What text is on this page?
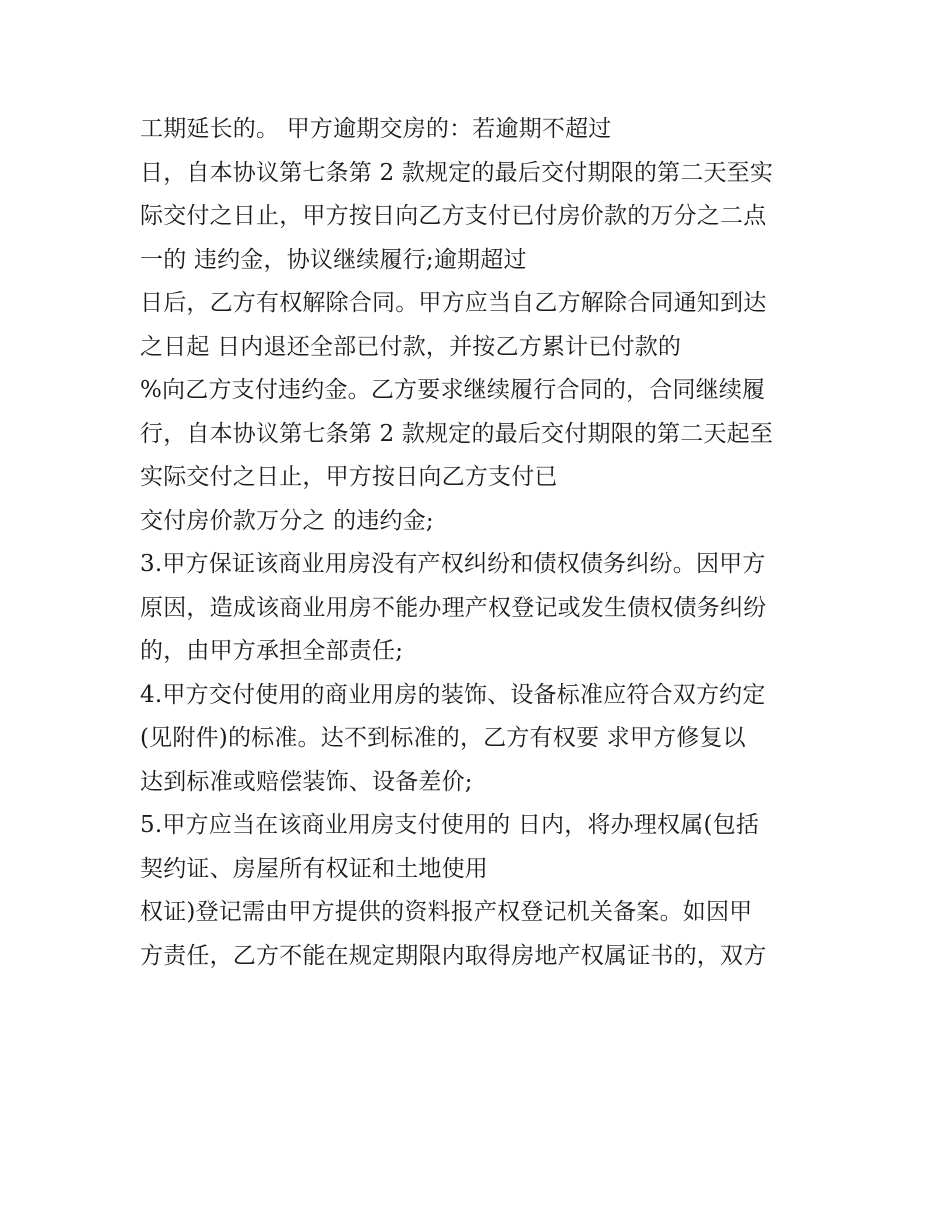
工期延长的。 甲方逾期交房的：若逾期不超过
日，自本协议第七条第 2 款规定的最后交付期限的第二天至实
际交付之日止，甲方按日向乙方支付已付房价款的万分之二点
一的 违约金，协议继续履行;逾期超过
日后，乙方有权解除合同。甲方应当自乙方解除合同通知到达
之日起 日内退还全部已付款，并按乙方累计已付款的
%向乙方支付违约金。乙方要求继续履行合同的，合同继续履
行，自本协议第七条第 2 款规定的最后交付期限的第二天起至
实际交付之日止，甲方按日向乙方支付已
交付房价款万分之 的违约金;
3.甲方保证该商业用房没有产权纠纷和债权债务纠纷。因甲方
原因，造成该商业用房不能办理产权登记或发生债权债务纠纷
的，由甲方承担全部责任;
4.甲方交付使用的商业用房的装饰、设备标准应符合双方约定
(见附件)的标准。达不到标准的，乙方有权要 求甲方修复以
达到标准或赔偿装饰、设备差价;
5.甲方应当在该商业用房支付使用的 日内，将办理权属(包括
契约证、房屋所有权证和土地使用
权证)登记需由甲方提供的资料报产权登记机关备案。如因甲
方责任，乙方不能在规定期限内取得房地产权属证书的，双方
